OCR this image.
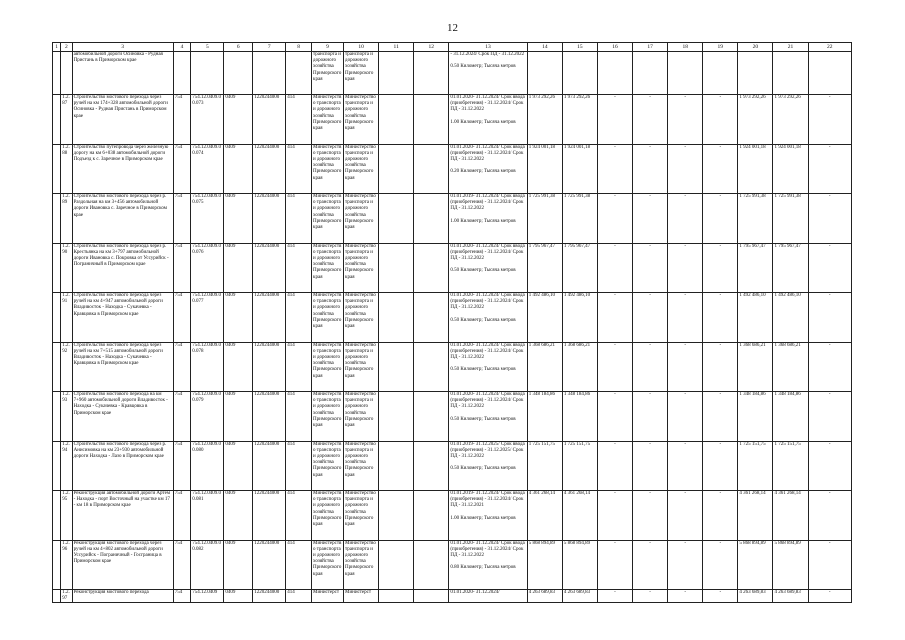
12
1	2	3	4	5	6	7	8	9	10	11	12	13	14	15	16	17	18	19	20	21	22
		автомобильной дороги Осиновка - Рудная Пристань в Приморском крае						транспорта и дорожного хозяйства Приморского края	транспорта и дорожного хозяйства Приморского края			- 31.12.2024/ Срок ПД - 31.12.2022

0.50 Километр; Тысяча метров									
	1.2.87	Строительство мостового перехода через ручей на км 174+328 автомобильной дороги Осиновка - Рудная Пристань в Приморском крае	754	754.12.0409.00.073	0409	1220244000	414	Министерство транспорта и дорожного хозяйства Приморского края	Министерство транспорта и дорожного хозяйства Приморского края			01.01.2020- 31.12.2024/ Срок ввода (приобретения) - 31.12.2024/ Срок ПД - 31.12.2022

1.00 Километр; Тысяча метров	1 973 292,26	1 973 292,26	-	-	-	-	1 973 292,26	1 973 292,26	-
	1.2.88	Строительство путепровода через железную дорогу на км 6+038 автомобильной дороги Подъезд к с. Заречное в Приморском крае	754	754.12.0409.00.074	0409	1220244000	414	Министерство транспорта и дорожного хозяйства Приморского края	Министерство транспорта и дорожного хозяйства Приморского края			01.01.2020- 31.12.2024/ Срок ввода (приобретения) - 31.12.2024/ Срок ПД - 31.12.2022

0.20 Километр; Тысяча метров	1 924 001,18	1 924 001,18	-	-	-	-	1 924 001,18	1 924 001,18	-
	1.2.89	Строительство мостового перехода через р. Раздольная на км 3+456 автомобильной дороги Ивановка с. Заречное в Приморском крае	754	754.12.0409.00.075	0409	1220244000	414	Министерство транспорта и дорожного хозяйства Приморского края	Министерство транспорта и дорожного хозяйства Приморского края			01.01.2019- 31.12.2024/ Срок ввода (приобретения) - 31.12.2024/ Срок ПД - 31.12.2022

1.00 Километр; Тысяча метров	1 725 991,38	1 725 991,38	-	-	-	-	1 725 991,38	1 725 991,38	-
	1.2.90	Строительство мостового перехода через р. Крестьянка на км 3+797 автомобильной дороги Ивановка с. Покровка от Уссурийск - Пограничный в Приморском крае	754	754.12.0409.00.076	0409	1220244000	414	Министерство транспорта и дорожного хозяйства Приморского края	Министерство транспорта и дорожного хозяйства Приморского края			01.01.2020- 31.12.2024/ Срок ввода (приобретения) - 31.12.2024/ Срок ПД - 31.12.2022

0.50 Километр; Тысяча метров	1 795 967,47	1 795 967,47	-	-	-	-	1 795 967,47	1 795 967,47	-
	1.2.91	Строительство мостового перехода через ручей на км 4+947 автомобильной дороги Владивосток - Находка - Сукачевка - Кравцовка в Приморском крае	754	754.12.0409.00.077	0409	1220244000	414	Министерство транспорта и дорожного хозяйства Приморского края	Министерство транспорта и дорожного хозяйства Приморского края			01.01.2020- 31.12.2024/ Срок ввода (приобретения) - 31.12.2024/ Срок ПД - 31.12.2022

0.50 Километр; Тысяча метров	1 492 486,10	1 492 486,10	-	-	-	-	1 492 486,10	1 492 486,10	-
	1.2.92	Строительство мостового перехода через ручей на км 7+515 автомобильной дороги Владивосток - Находка - Сукачевка - Кравцовка в Приморском крае	754	754.12.0409.00.078	0409	1220244000	414	Министерство транспорта и дорожного хозяйства Приморского края	Министерство транспорта и дорожного хозяйства Приморского края			01.01.2020- 31.12.2024/ Срок ввода (приобретения) - 31.12.2024/ Срок ПД - 31.12.2022

0.50 Километр; Тысяча метров	1 368 686,21	1 368 686,21	-	-	-	-	1 368 686,21	1 368 686,21	-
	1.2.93	Строительство мостового перехода на км 7+960 автомобильной дороги Владивосток - Находка - Сукачевка - Кравцовка в Приморском крае	754	754.12.0409.00.079	0409	1220244000	414	Министерство транспорта и дорожного хозяйства Приморского края	Министерство транспорта и дорожного хозяйства Приморского края			01.01.2020- 31.12.2024/ Срок ввода (приобретения) - 31.12.2024/ Срок ПД - 31.12.2022

0.50 Километр; Тысяча метров	1 348 184,86	1 348 184,86	-	-	-	-	1 348 184,86	1 348 184,86	-
	1.2.94	Строительство мостового перехода через р. Анисимовка на км 23+930 автомобильной дороги Находка - Лазо в Приморском крае	754	754.12.0409.00.080	0409	1220244000	414	Министерство транспорта и дорожного хозяйства Приморского края	Министерство транспорта и дорожного хозяйства Приморского края			01.01.2019- 31.12.2025/ Срок ввода (приобретения) - 31.12.2025/ Срок ПД - 31.12.2022

0.50 Километр; Тысяча метров	1 725 151,75	1 725 151,75	-	-	-	-	1 725 151,75	1 725 151,75	-
	1.2.95	Реконструкция автомобильной дороги Артем - Находка - порт Восточный на участке км 17 - км 18 в Приморском крае	754	754.12.0409.00.081	0409	1220244000	414	Министерство транспорта и дорожного хозяйства Приморского края	Министерство транспорта и дорожного хозяйства Приморского края			01.01.2019- 31.12.2024/ Срок ввода (приобретения) - 31.12.2024/ Срок ПД - 31.12.2021

1.00 Километр; Тысяча метров	4 361 268,14	4 361 268,14	-	-	-	-	4 361 268,14	4 361 268,14	-
	1.2.96	Реконструкция мостового перехода через ручей на км 4+802 автомобильной дороги Уссурийск - Пограничный - Госграница в Приморском крае	754	754.12.0409.00.082	0409	1220244000	414	Министерство транспорта и дорожного хозяйства Приморского края	Министерство транспорта и дорожного хозяйства Приморского края			01.01.2020- 31.12.2024/ Срок ввода (приобретения) - 31.12.2024/ Срок ПД - 31.12.2022

0.80 Километр; Тысяча метров	5 868 894,89	5 868 894,89	-	-	-	-	5 868 894,89	5 868 894,89	-
	1.2.97	Реконструкция мостового перехода	754	754.12.0409	0409	1220244000	414	Министерст	Министерст			01.01.2020- 31.12.2024/	4 263 689,83	4 263 689,83	-	-	-	-	4 263 689,83	4 263 689,83	-
